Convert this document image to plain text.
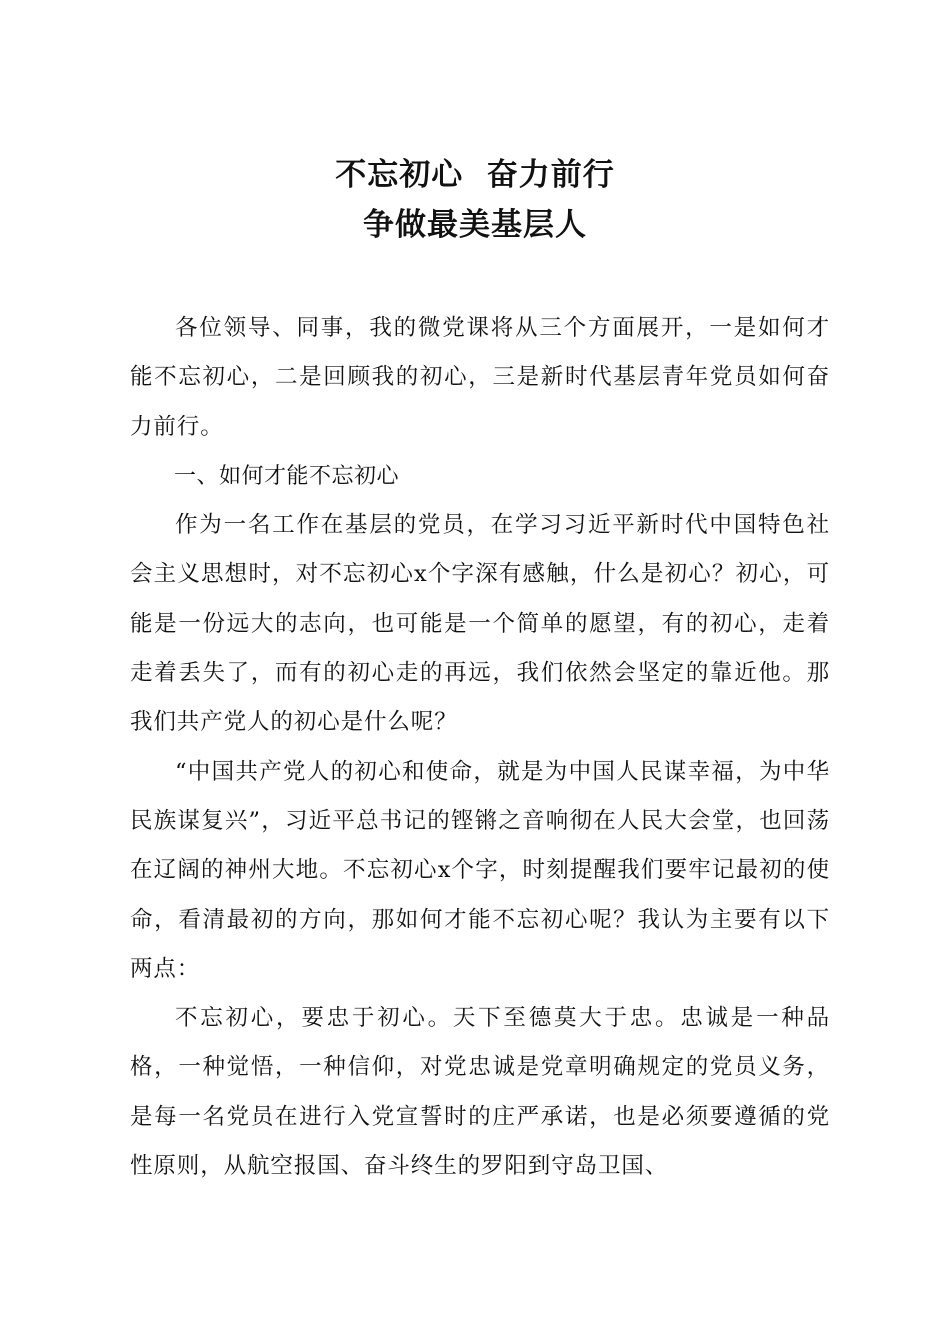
不忘初心  奋力前行
争做最美基层人

各位领导、同事，我的微党课将从三个方面展开，一是如何才能不忘初心，二是回顾我的初心，三是新时代基层青年党员如何奋力前行。

一、如何才能不忘初心

作为一名工作在基层的党员，在学习习近平新时代中国特色社会主义思想时，对不忘初心x个字深有感触，什么是初心？初心，可能是一份远大的志向，也可能是一个简单的愿望，有的初心，走着走着丢失了，而有的初心走的再远，我们依然会坚定的靠近他。那我们共产党人的初心是什么呢？

“中国共产党人的初心和使命，就是为中国人民谋幸福，为中华民族谋复兴”，习近平总书记的铿锵之音响彻在人民大会堂，也回荡在辽阔的神州大地。不忘初心x个字，时刻提醒我们要牢记最初的使命，看清最初的方向，那如何才能不忘初心呢？我认为主要有以下两点：

不忘初心，要忠于初心。天下至德莫大于忠。忠诚是一种品格，一种觉悟，一种信仰，对党忠诚是党章明确规定的党员义务，是每一名党员在进行入党宣誓时的庄严承诺，也是必须要遵循的党性原则，从航空报国、奋斗终生的罗阳到守岛卫国、
